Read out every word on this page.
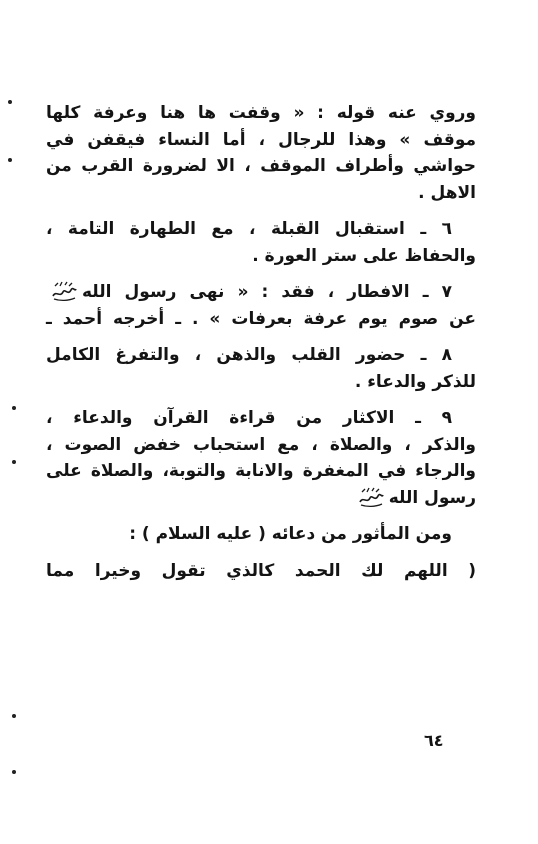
وروي عنه قوله : « وقفت ها هنا وعرفة كلها
موقف » وهذا للرجال ، أما النساء فيقفن في
حواشي وأطراف الموقف ، الا لضرورة القرب من
الاهل .

٦ ـ استقبال القبلة ، مع الطهارة التامة ،

والحفاظ على ستر العورة .

٧ ـ الافطار ، فقد : « نهى رسول الله

عن صوم يوم عرفة بعرفات » . ـ أخرجه أحمد ـ

٨ ـ حضور القلب والذهن ، والتفرغ الكامل

للذكر والدعاء .

٩ ـ الاكثار من قراءة القرآن والدعاء ،

والذكر ، والصلاة ، مع استحباب خفض الصوت ،
والرجاء في المغفرة والانابة والتوبة، والصلاة على
رسول الله

ومن المأثور من دعائه ( عليه السلام ) :

( اللهم لك الحمد كالذي تقول وخيرا مما

٦٤
